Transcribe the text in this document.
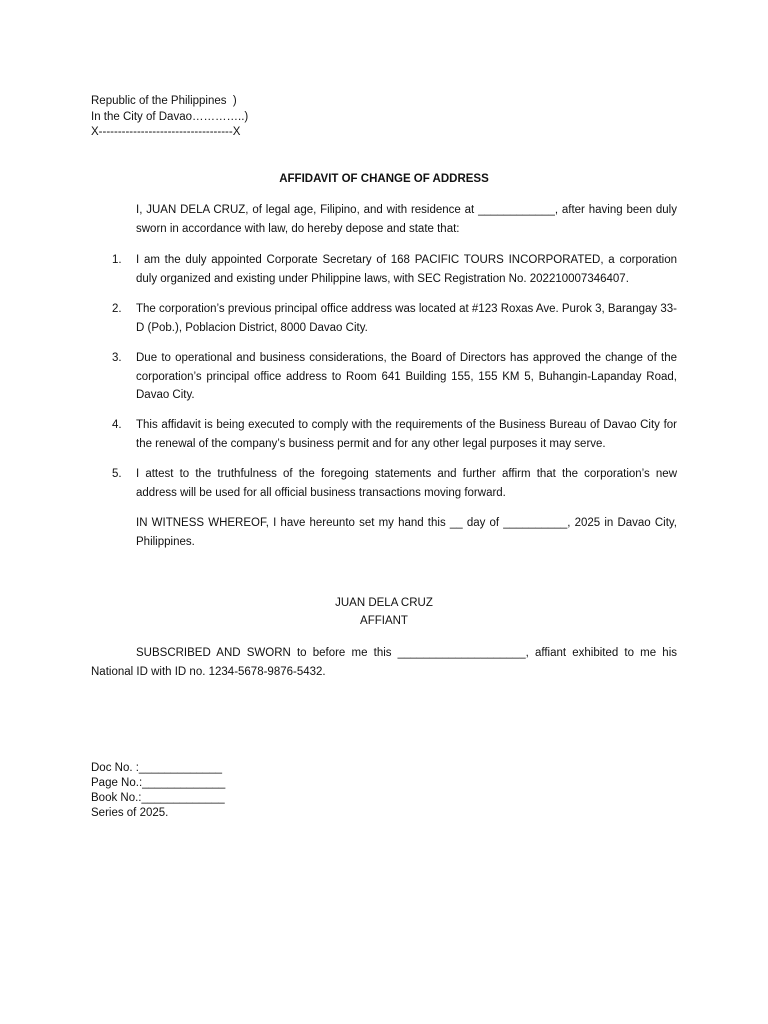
Republic of the Philippines  )
In the City of Davao…………..)
X-----------------------------------X
AFFIDAVIT OF CHANGE OF ADDRESS
I, JUAN DELA CRUZ, of legal age, Filipino, and with residence at ____________, after having been duly sworn in accordance with law, do hereby depose and state that:
1. I am the duly appointed Corporate Secretary of 168 PACIFIC TOURS INCORPORATED, a corporation duly organized and existing under Philippine laws, with SEC Registration No. 202210007346407.
2. The corporation’s previous principal office address was located at #123 Roxas Ave. Purok 3, Barangay 33-D (Pob.), Poblacion District, 8000 Davao City.
3. Due to operational and business considerations, the Board of Directors has approved the change of the corporation’s principal office address to Room 641 Building 155, 155 KM 5, Buhangin-Lapanday Road, Davao City.
4. This affidavit is being executed to comply with the requirements of the Business Bureau of Davao City for the renewal of the company’s business permit and for any other legal purposes it may serve.
5. I attest to the truthfulness of the foregoing statements and further affirm that the corporation’s new address will be used for all official business transactions moving forward.
IN WITNESS WHEREOF, I have hereunto set my hand this __ day of __________, 2025 in Davao City, Philippines.
JUAN DELA CRUZ
AFFIANT
SUBSCRIBED AND SWORN to before me this ____________________, affiant exhibited to me his National ID with ID no. 1234-5678-9876-5432.
Doc No. :_____________
Page No.:_____________
Book No.:_____________
Series of 2025.
